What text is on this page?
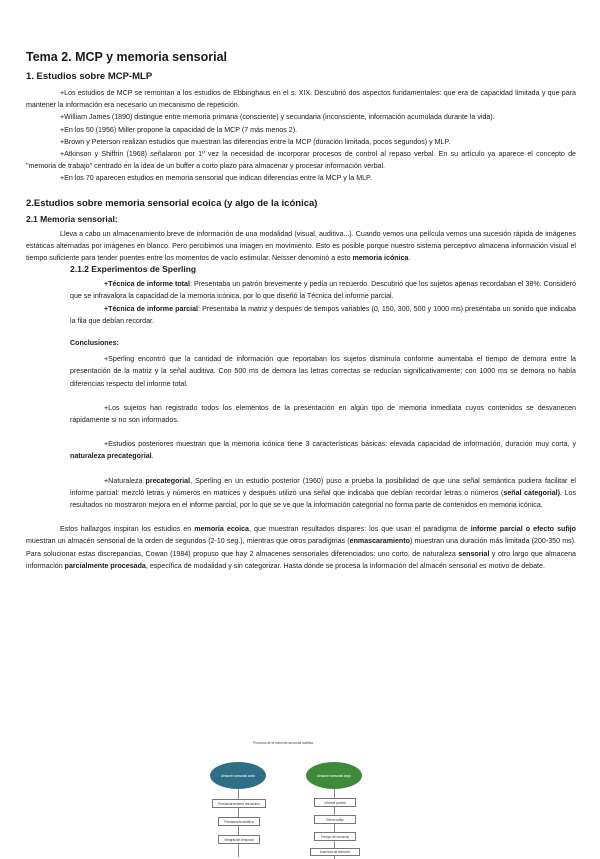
Tema 2. MCP y memoria sensorial
1. Estudios sobre MCP-MLP

+Los estudios de MCP se remontan a los estudios de Ebbinghaus en el s. XIX. Descubrió dos aspectos fundamentales: que era de capacidad limitada y que para mantener la información era necesario un mecanismo de repetición.

+William James (1890) distingue entre memoria primaria (consciente) y secundaria (inconsciente, información acumulada durante la vida).

+En los 50 (1956) Miller propone la capacidad de la MCP (7 más menos 2).

+Brown y Peterson realizan estudios que muestran las diferencias entre la MCP (duración limitada, pocos segundos) y MLP.

+Atkinson y Shiffrin (1968) señalaron por 1º vez la necesidad de incorporar procesos de control al repaso verbal. En su artículo ya aparece el concepto de "memoria de trabajo" centrado en la idea de un buffer a corto plazo para almacenar y procesar información verbal.

+En los 70 aparecen estudios en memoria sensorial que indican diferencias entre la MCP y la MLP.

2.Estudios sobre memoria sensorial ecoica (y algo de la icónica)
2.1 Memoria sensorial:

Lleva a cabo un almacenamiento breve de información de una modalidad (visual, auditiva...). Cuando vemos una película vemos una sucesión rápida de imágenes estáticas alternadas por imágenes en blanco. Pero percibimos una imagen en movimiento. Esto es posible porque nuestro sistema perceptivo almacena información visual el tiempo suficiente para tender puentes entre los momentos de vacío estimular. Neisser denominó a esto memoria icónica.

2.1.2 Experimentos de Sperling

+Técnica de informe total: Presentaba un patrón brevemente y pedía un recuerdo. Descubrió que los sujetos apenas recordaban el 38%. Consideró que se infravalora la capacidad de la memoria icónica, por lo que diseñó la Técnica del informe parcial.

+Técnica de informe parcial: Presentaba la matriz y después de tiempos variables (0, 150, 300, 500 y 1000 ms) presentaba un sonido que indicaba la fila que debían recordar.

Conclusiones:

+Sperling encontró que la cantidad de información que reportaban los sujetos disminuía conforme aumentaba el tiempo de demora entre la presentación de la matriz y la señal auditiva. Con 500 ms de demora las letras correctas se reducían significativamente; con 1000 ms se demora no había diferencias respecto del informe total.

+Los sujetos han registrado todos los elementos de la presentación en algún tipo de memoria inmediata cuyos contenidos se desvanecen rápidamente si no son informados.

+Estudios posteriores muestran que la memoria icónica tiene 3 características básicas: elevada capacidad de información, duración muy corta, y naturaleza precategorial.

+Naturaleza precategorial, Sperling en un estudio posterior (1960) puso a prueba la posibilidad de que una señal semántica pudiera facilitar el informe parcial: mezcló letras y números en matrices y después utilizó una señal que indicaba que debían recordar letras o números (señal categorial). Los resultados no mostraron mejora en el informe parcial, por lo que se ve que la información categorial no forma parte de contenidos en memoria icónica.

Estos hallazgos inspiran los estudios en memoria ecoica, que muestran resultados dispares: los que usan el paradigma de informe parcial o efecto sufijo muestran un almacén sensorial de la orden de segundos (2-10 seg.), mientras que otros paradigmas (enmascaramiento) muestran una duración más limitada (200-350 ms). Para solucionar estas discrepancias, Cowan (1984) propuso que hay 2 almacenes sensoriales diferenciados: uno corto, de naturaleza sensorial y otro largo que almacena información parcialmente procesada, específica de modalidad y sin categorizar. Hasta dónde se procesa la información del almacén sensorial es motivo de debate.

Procesos de la memoria sensorial auditiva
Almacén sensorial corto	Almacén sensorial largo
Enmascaramiento retroactivo
Persistencia auditiva
Integración temporal
Informe parcial
Efecto sufijo
Tiempo de recuerdo
Ausencia de atención
